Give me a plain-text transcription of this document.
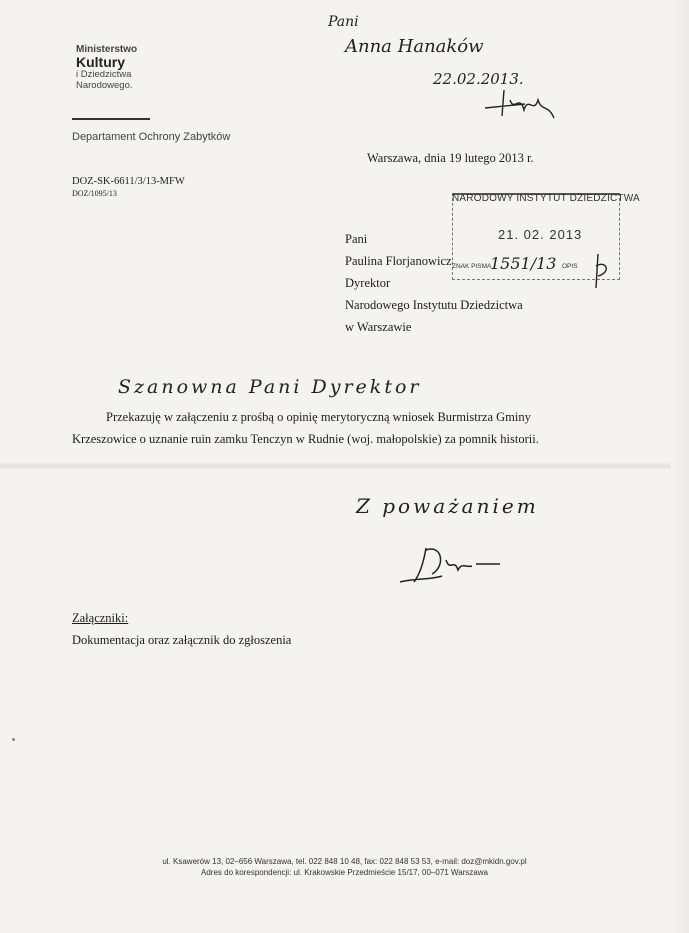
Ministerstwo
Kultury
i Dziedzictwa
Narodowego.
Departament Ochrony Zabytków
DOZ-SK-6611/3/13-MFW
DOZ/1095/13
Pani
Anna Hanaków
22.02.2013.
Warszawa, dnia 19 lutego 2013 r.
NARODOWY INSTYTUT DZIEDZICTWA
21. 02. 2013
ZNAK PISMA	OPIS
1551/13
Pani
Paulina Florjanowicz
Dyrektor
Narodowego Instytutu Dziedzictwa
w Warszawie
Szanowna Pani Dyrektor
Przekazuję w załączeniu z prośbą o opinię merytoryczną wniosek Burmistrza Gminy
Krzeszowice o uznanie ruin zamku Tenczyn w Rudnie (woj. małopolskie) za pomnik historii.
Z poważaniem
Załączniki:
Dokumentacja oraz załącznik do zgłoszenia
ul. Ksawerów 13, 02–656 Warszawa, tel. 022 848 10 48, fax: 022 848 53 53, e-mail: doz@mkidn.gov.pl
Adres do korespondencji: ul. Krakowskie Przedmieście 15/17, 00–071 Warszawa
